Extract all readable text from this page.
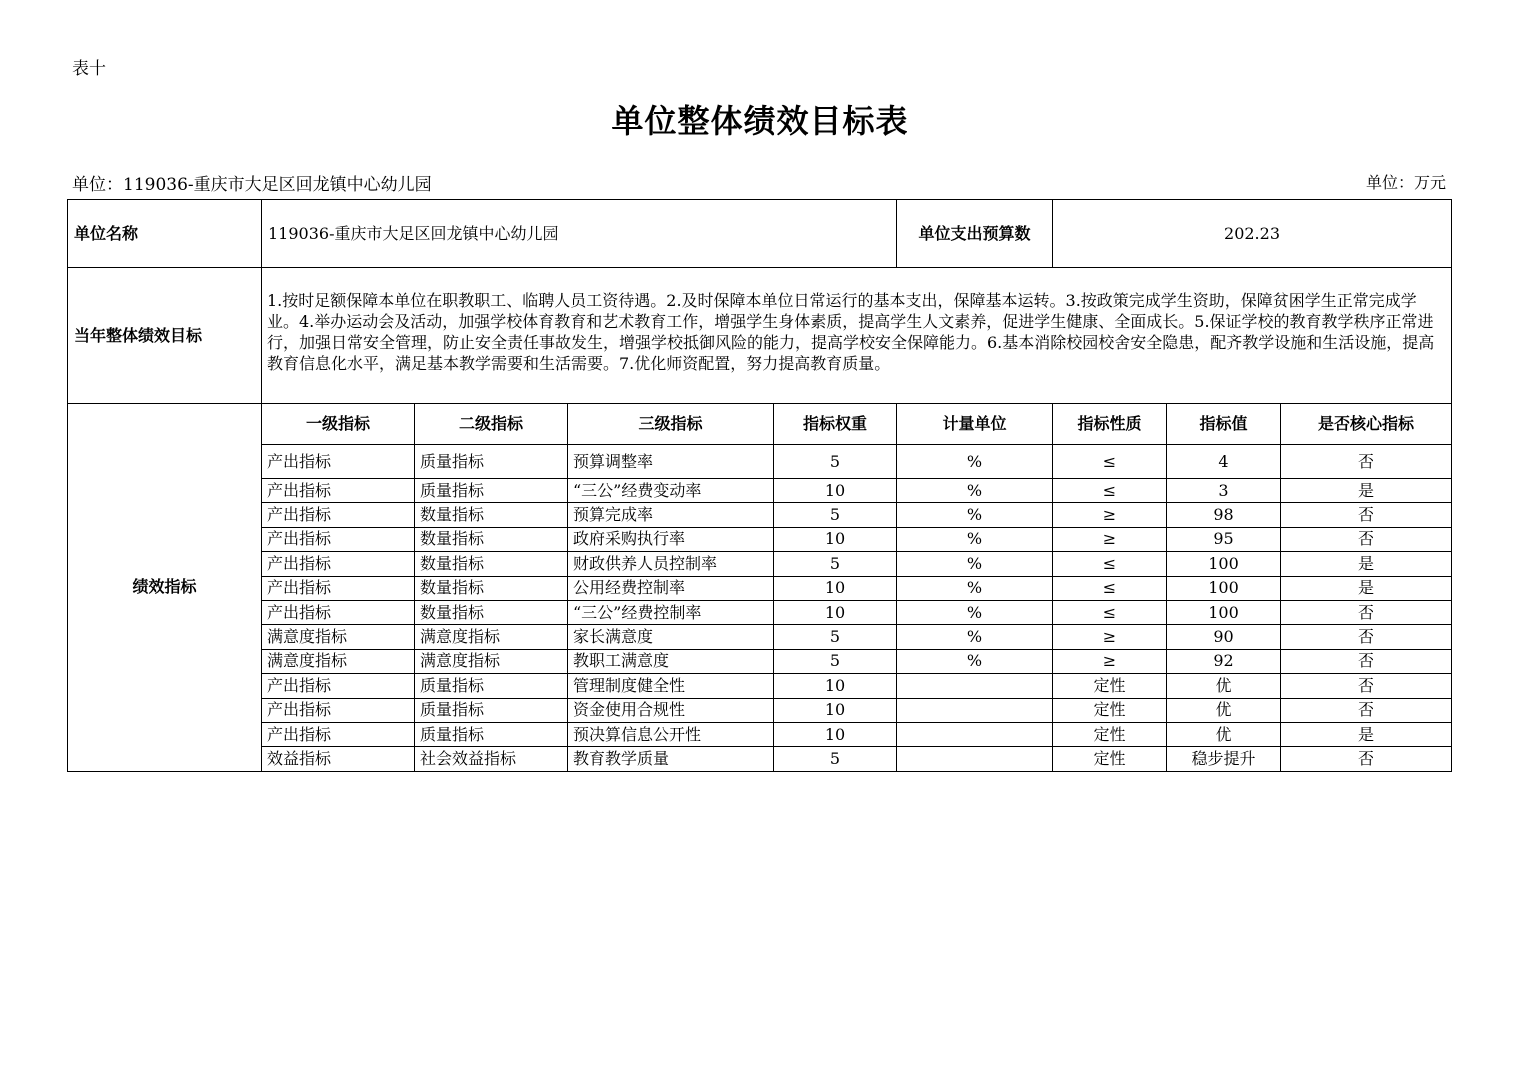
表十
单位整体绩效目标表
单位：119036-重庆市大足区回龙镇中心幼儿园	单位：万元
单位名称	119036-重庆市大足区回龙镇中心幼儿园				单位支出预算数	202.23		
当年整体绩效目标	1.按时足额保障本单位在职教职工、临聘人员工资待遇。2.及时保障本单位日常运行的基本支出，保障基本运转。3.按政策完成学生资助，保障贫困学生正常完成学业。4.举办运动会及活动，加强学校体育教育和艺术教育工作，增强学生身体素质，提高学生人文素养，促进学生健康、全面成长。5.保证学校的教育教学秩序正常进行，加强日常安全管理，防止安全责任事故发生，增强学校抵御风险的能力，提高学校安全保障能力。6.基本消除校园校舍安全隐患，配齐教学设施和生活设施，提高教育信息化水平，满足基本教学需要和生活需要。7.优化师资配置，努力提高教育质量。							
绩效指标	一级指标	二级指标	三级指标	指标权重	计量单位	指标性质	指标值	是否核心指标
	产出指标	质量指标	预算调整率	5	%	≤	4	否
	产出指标	质量指标	“三公”经费变动率	10	%	≤	3	是
	产出指标	数量指标	预算完成率	5	%	≥	98	否
	产出指标	数量指标	政府采购执行率	10	%	≥	95	否
	产出指标	数量指标	财政供养人员控制率	5	%	≤	100	是
	产出指标	数量指标	公用经费控制率	10	%	≤	100	是
	产出指标	数量指标	“三公”经费控制率	10	%	≤	100	否
	满意度指标	满意度指标	家长满意度	5	%	≥	90	否
	满意度指标	满意度指标	教职工满意度	5	%	≥	92	否
	产出指标	质量指标	管理制度健全性	10		定性	优	否
	产出指标	质量指标	资金使用合规性	10		定性	优	否
	产出指标	质量指标	预决算信息公开性	10		定性	优	是
	效益指标	社会效益指标	教育教学质量	5		定性	稳步提升	否
